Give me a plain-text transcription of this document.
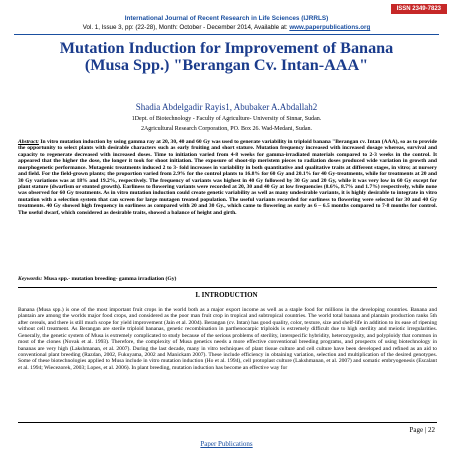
ISSN 2349-7823
International Journal of Recent Research in Life Sciences (IJRRLS)
Vol. 1, Issue 3, pp: (22-28), Month: October - December 2014, Available at: www.paperpublications.org
Mutation Induction for Improvement of Banana (Musa Spp.) "Berangan Cv. Intan-AAA"
Shadia Abdelgadir Rayis1, Abubaker A.Abdallah2
1Dept. of Biotechnology - Faculty of Agriculture- University of Sinnar, Sudan.
2Agricultural Research Corporation, PO. Box 26. Wad-Medani, Sudan.
Abstract: In vitro mutation induction by using gamma ray at 20, 30, 40 and 60 Gy was used to generate variability in triploid banana "Berangan cv. Intan (AAA), so as to provide the opportunity to select plants with desirable characters such as early fruiting and short stature. Mutation frequency increased with increased dosage whereas, survival and capacity to regenerate decreased with increased doses. Time to initiation varied from 4-8 weeks for gamma-irradiated materials compared to 2-3 weeks in the control. It appeared that the higher the dose, the longer it took for shoot initiation. The exposure of shoot-tip meristem pieces to radiation doses produced wide variation in growth and morphogenetic performance. Mutagenic treatments induced 2 to 3- fold increases in variability in both quantitative and qualitative traits at different stages, in vitro; at nursery and field. For the field-grown plants; the proportion varied from 2.9% for the control plants to 16.8% for 60 Gy and 20.1% for 40 Gy-treatments, while for treatments at 20 and 30 Gy variations was at 18% and 19.2%, respectively. The frequency of variants was highest in 40 Gy followed by 30 Gy and 20 Gy, while it was very low in 60 Gy except for plant stature (dwarfism or stunted growth). Earliness to flowering variants were recorded at 20, 30 and 40 Gy at low frequencies (8.6%, 8.7% and 1.7%) respectively, while none was observed for 60 Gy treatments. As in vitro mutation induction could create genetic variability as well as many undesirable variants, it is highly desirable to integrate in vitro mutation with a selection system that can screen for large mutagen treated population. The useful variants recorded for earliness to flowering were selected for 30 and 40 Gy treatments. 40 Gy showed high frequency in earliness as compared with 20 and 30 Gy., which came to flowering as early as 6 – 6.5 months compared to 7-8 months for control. The useful dwarf, which considered as desirable traits, showed a balance of height and girth.
Keywords: Musa spp.- mutation breeding- gamma irradiation (Gy)
I. INTRODUCTION
Banana (Musa spp.) is one of the most important fruit crops in the world both as a major export income as well as a staple food for millions in the developing countries. Banana and plantain are among the worlds major food crops, and considered as the poor man fruit crop in tropical and subtropical countries. The world total banana and plantain production ranks 5th after cereals, and there is still much scope for yield improvement (Jain et al. 2004). Berangan (cv. Intan) has good quality, color, texture, size and shelf-life in addition to its ease of ripening without cell treatment. As Berangan are sterile triploid bananas, genetic recombination in parthenocarpic triploids is extremely difficult due to high sterility and meiotic irregularities. Generally, the genetic system of Musa is extremely complicated to study because of the serious problems of sterility, interspecific hybridity, heterozygosity, and polyploidy that common in most of the clones (Novak et al. 1993). Therefore, the complexity of Musa genetics needs a more effective conventional breeding programs, and prospects of using biotechnology in bananas are very high (Lakshmanan, et al. 2007). During the last decade, many in vitro techniques of plant tissue culture and cell culture have been developed and refined as an aid to conventional plant breeding (Razdan, 2002, Fukuyama, 2002 and Manickam 2007). These include efficiency in obtaining variation, selection and multiplication of the desired genotypes. Some of these biotechnologies applied to Musa include in vitro mutation induction (Ho et al. 1994), cell protoplast culture (Lakshmanan, et al. 2007) and somatic embryogenesis (Escalant et al. 1994; Wiecezorek, 2003; Lopes, et al. 2006). In plant breeding, mutation induction has become an effective way for
Page | 22
Paper Publications
